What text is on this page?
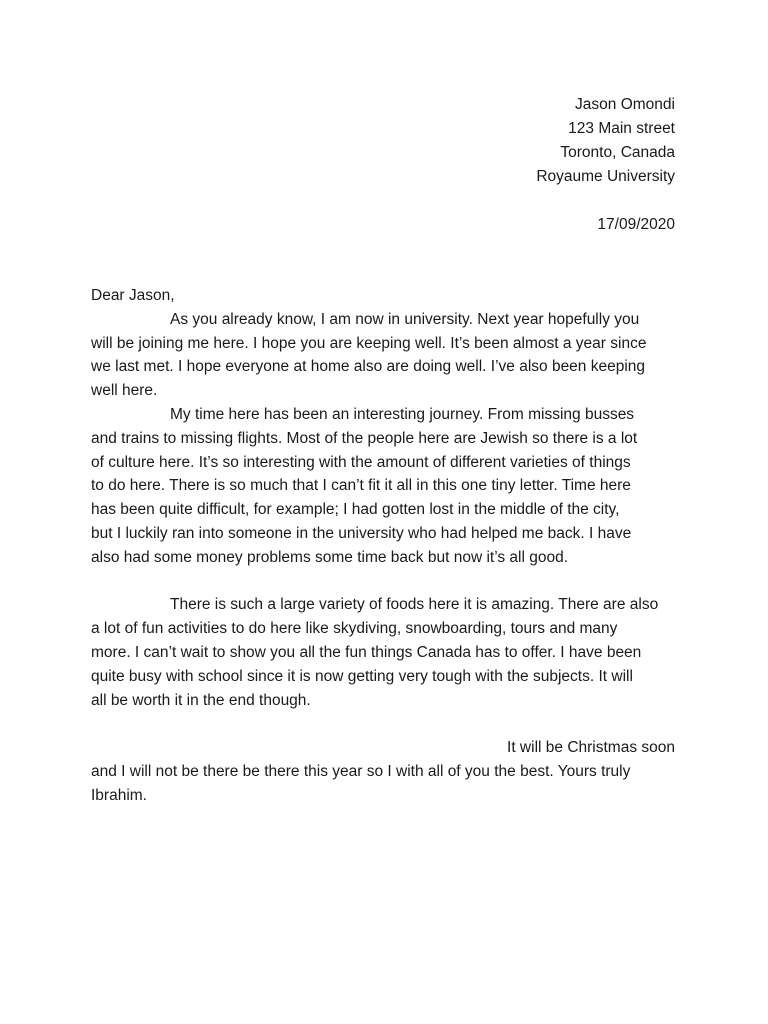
Jason Omondi
123 Main street
Toronto, Canada
Royaume University
17/09/2020

Dear Jason,

As you already know, I am now in university. Next year hopefully you
will be joining me here. I hope you are keeping well. It’s been almost a year since
we last met. I hope everyone at home also are doing well. I’ve also been keeping
well here.

My time here has been an interesting journey. From missing busses
and trains to missing flights. Most of the people here are Jewish so there is a lot
of culture here. It’s so interesting with the amount of different varieties of things
to do here. There is so much that I can’t fit it all in this one tiny letter. Time here
has been quite difficult, for example; I had gotten lost in the middle of the city,
but I luckily ran into someone in the university who had helped me back. I have
also had some money problems some time back but now it’s all good.

There is such a large variety of foods here it is amazing. There are also
a lot of fun activities to do here like skydiving, snowboarding, tours and many
more. I can’t wait to show you all the fun things Canada has to offer. I have been
quite busy with school since it is now getting very tough with the subjects. It will
all be worth it in the end though.

It will be Christmas soon
and I will not be there be there this year so I with all of you the best. Yours truly
Ibrahim.
